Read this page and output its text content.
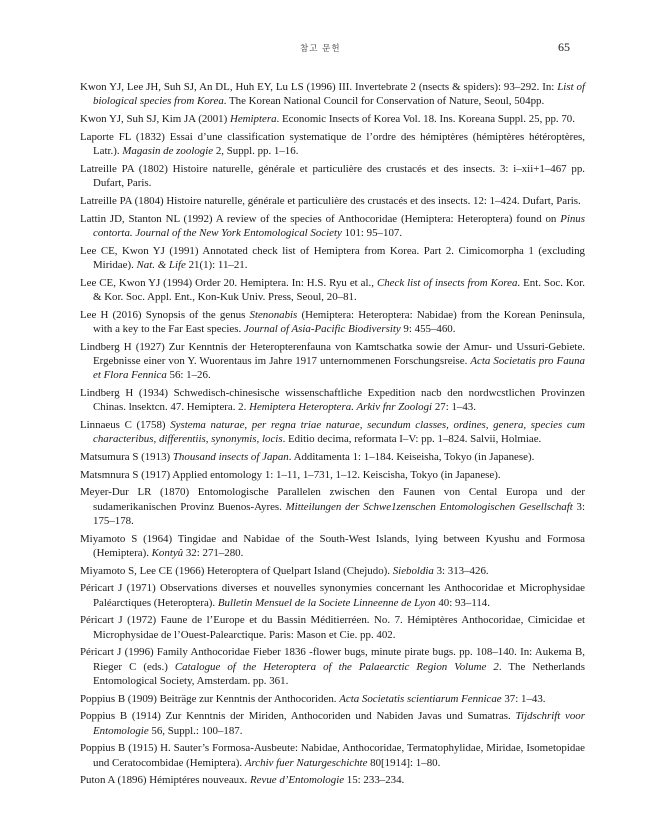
참고 문헌	65
Kwon YJ, Lee JH, Suh SJ, An DL, Huh EY, Lu LS (1996) III. Invertebrate 2 (nsects & spiders): 93–292. In: List of biological species from Korea. The Korean National Council for Conservation of Nature, Seoul, 504pp.
Kwon YJ, Suh SJ, Kim JA (2001) Hemiptera. Economic Insects of Korea Vol. 18. Ins. Koreana Suppl. 25, pp. 70.
Laporte FL (1832) Essai d’une classification systematique de l’ordre des hémiptères (hémiptères hétéroptères, Latr.). Magasin de zoologie 2, Suppl. pp. 1–16.
Latreille PA (1802) Histoire naturelle, générale et particulière des crustacés et des insects. 3: i–xii+1–467 pp. Dufart, Paris.
Latreille PA (1804) Histoire naturelle, générale et particulière des crustacés et des insects. 12: 1–424. Dufart, Paris.
Lattin JD, Stanton NL (1992) A review of the species of Anthocoridae (Hemiptera: Heteroptera) found on Pinus contorta. Journal of the New York Entomological Society 101: 95–107.
Lee CE, Kwon YJ (1991) Annotated check list of Hemiptera from Korea. Part 2. Cimicomorpha 1 (excluding Miridae). Nat. & Life 21(1): 11–21.
Lee CE, Kwon YJ (1994) Order 20. Hemiptera. In: H.S. Ryu et al., Check list of insects from Korea. Ent. Soc. Kor. & Kor. Soc. Appl. Ent., Kon-Kuk Univ. Press, Seoul, 20–81.
Lee H (2016) Synopsis of the genus Stenonabis (Hemiptera: Heteroptera: Nabidae) from the Korean Peninsula, with a key to the Far East species. Journal of Asia-Pacific Biodiversity 9: 455–460.
Lindberg H (1927) Zur Kenntnis der Heteropterenfauna von Kamtschatka sowie der Amur- und Ussuri-Gebiete. Ergebnisse einer von Y. Wuorentaus im Jahre 1917 unternommenen Forschungsreise. Acta Societatis pro Fauna et Flora Fennica 56: 1–26.
Lindberg H (1934) Schwedisch-chinesische wissenschaftliche Expedition nacb den nordwcstlichen Provinzen Chinas. lnsektcn. 47. Hemiptera. 2. Hemiptera Heteroptera. Arkiv fnr Zoologi 27: 1–43.
Linnaeus C (1758) Systema naturae, per regna triae naturae, secundum classes, ordines, genera, species cum characteribus, differentiis, synonymis, locis. Editio decima, reformata I–V: pp. 1–824. Salvii, Holmiae.
Matsumura S (1913) Thousand insects of Japan. Additamenta 1: 1–184. Keiseisha, Tokyo (in Japanese).
Matsmnura S (1917) Applied entomology 1: 1–11, 1–731, 1–12. Keiscisha, Tokyo (in Japanese).
Meyer-Dur LR (1870) Entomologische Parallelen zwischen den Faunen von Cental Europa und der sudamerikanischen Provinz Buenos-Ayres. Mitteilungen der Schwe1zenschen Entomologischen Gesellschaft 3: 175–178.
Miyamoto S (1964) Tingidae and Nabidae of the South-West Islands, lying between Kyushu and Formosa (Hemiptera). Kontyû 32: 271–280.
Miyamoto S, Lee CE (1966) Heteroptera of Quelpart Island (Chejudo). Sieboldia 3: 313–426.
Péricart J (1971) Observations diverses et nouvelles synonymies concernant les Anthocoridae et Microphysidae Paléarctiques (Heteroptera). Bulletin Mensuel de la Societe Linneenne de Lyon 40: 93–114.
Péricart J (1972) Faune de l’Europe et du Bassin Méditierréen. No. 7. Hémiptères Anthocoridae, Cimicidae et Microphysidae de l’Ouest-Palearctique. Paris: Mason et Cie. pp. 402.
Péricart J (1996) Family Anthocoridae Fieber 1836 -flower bugs, minute pirate bugs. pp. 108–140. In: Aukema B, Rieger C (eds.) Catalogue of the Heteroptera of the Palaearctic Region Volume 2. The Netherlands Entomological Society, Amsterdam. pp. 361.
Poppius B (1909) Beiträge zur Kenntnis der Anthocoriden. Acta Societatis scientiarum Fennicae 37: 1–43.
Poppius B (1914) Zur Kenntnis der Miriden, Anthocoriden und Nabiden Javas und Sumatras. Tijdschrift voor Entomologie 56, Suppl.: 100–187.
Poppius B (1915) H. Sauter’s Formosa-Ausbeute: Nabidae, Anthocoridae, Termatophylidae, Miridae, Isometopidae und Ceratocombidae (Hemiptera). Archiv fuer Naturgeschichte 80[1914]: 1–80.
Puton A (1896) Hémiptéres nouveaux. Revue d’Entomologie 15: 233–234.
